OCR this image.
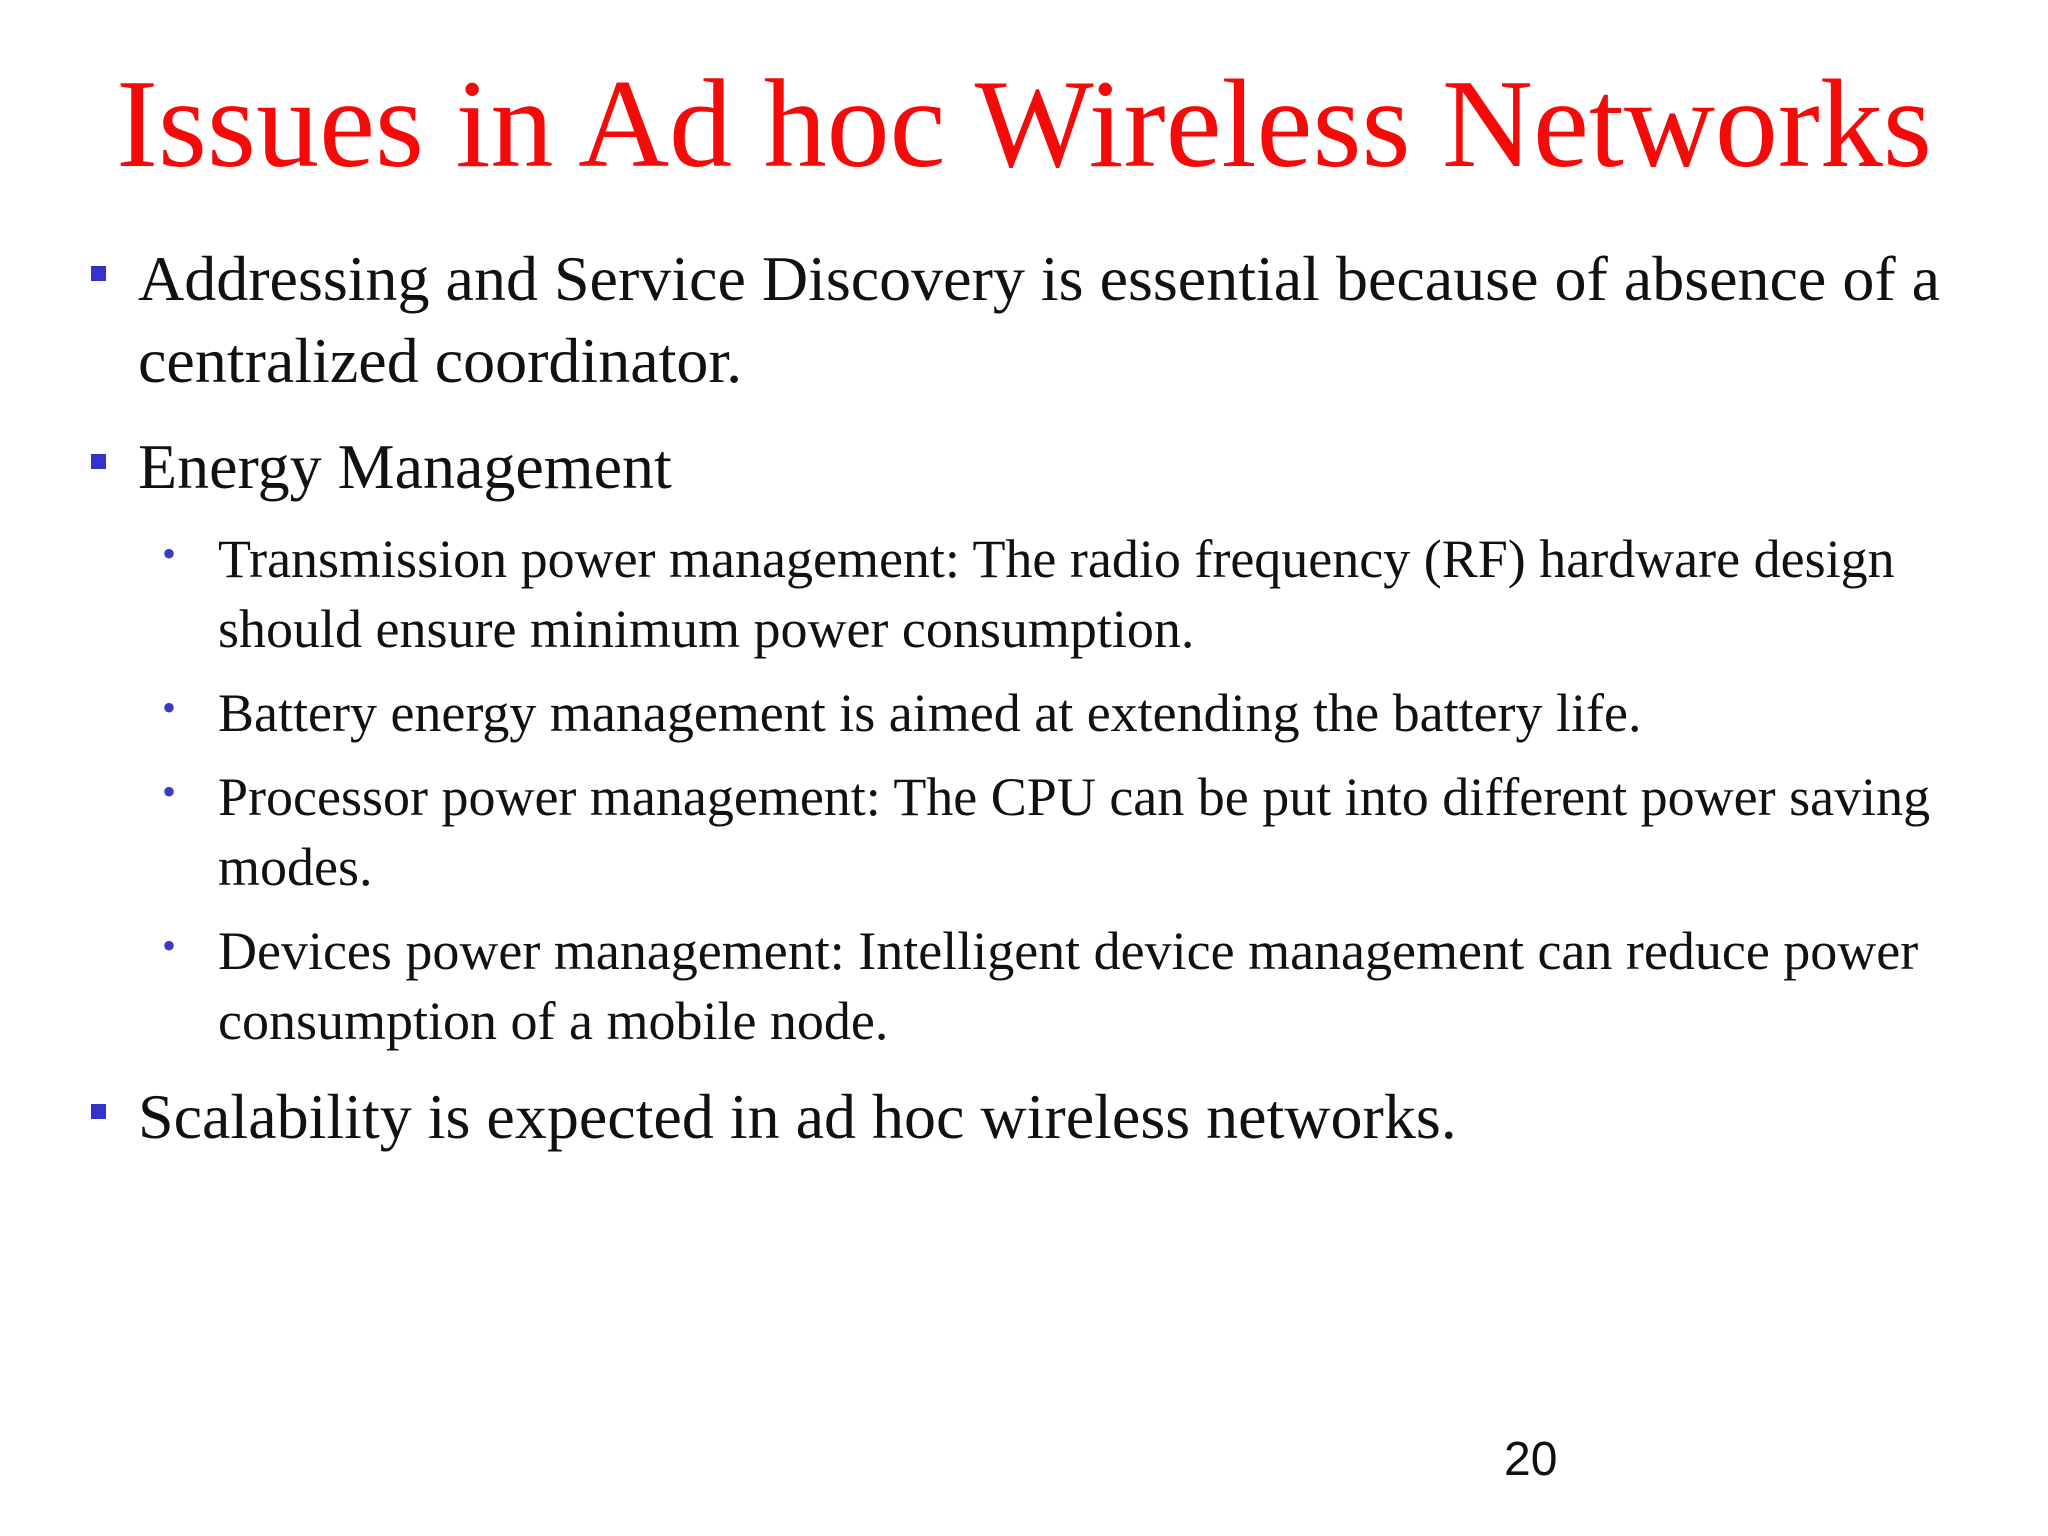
Issues in Ad hoc Wireless Networks
Addressing and Service Discovery is essential because of absence of a centralized coordinator.
Energy Management
• Transmission power management: The radio frequency (RF) hardware design should ensure minimum power consumption.
• Battery energy management is aimed at extending the battery life.
• Processor power management: The CPU can be put into different power saving modes.
• Devices power management: Intelligent device management can reduce power consumption of a mobile node.
Scalability is expected in ad hoc wireless networks.
20
